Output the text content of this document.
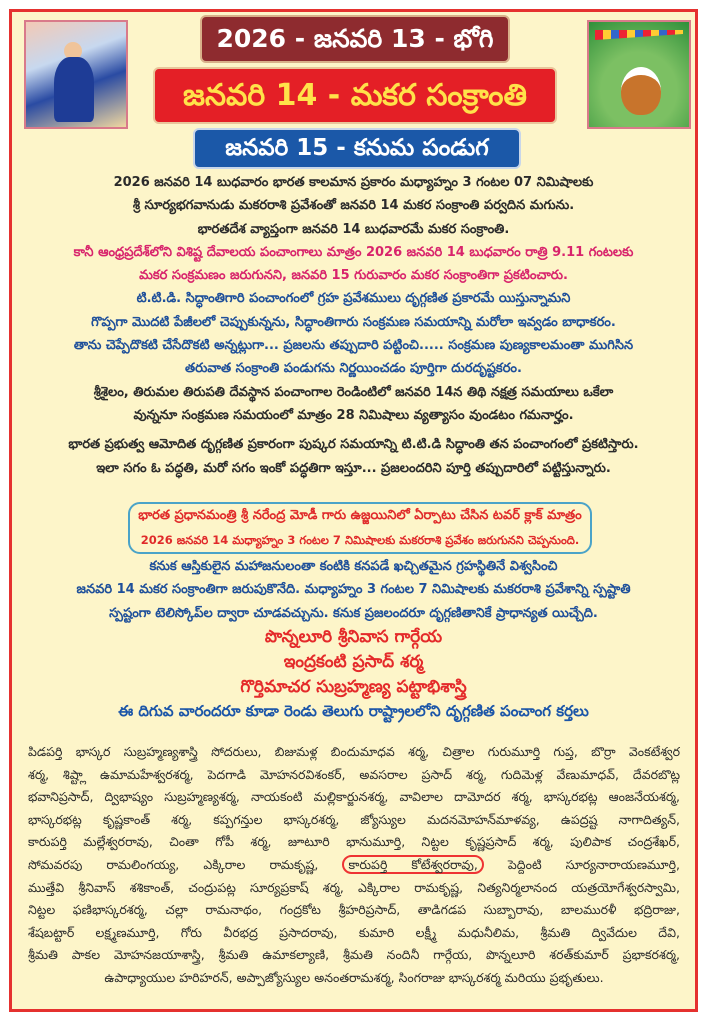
2026 - జనవరి 13 - భోగి
జనవరి 14 - మకర సంక్రాంతి
జనవరి 15 - కనుమ పండుగ
2026 జనవరి 14 బుధవారం భారత కాలమాన ప్రకారం మధ్యాహ్నం 3 గంటల 07 నిమిషాలకు
శ్రీ సూర్యభగవానుడు మకరరాశి ప్రవేశంతో జనవరి 14 మకర సంక్రాంతి పర్వదిన మగును.
భారతదేశ వ్యాప్తంగా జనవరి 14 బుధవారమే మకర సంక్రాంతి.
కానీ ఆంధ్రప్రదేశ్‌లోని విశిష్ట దేవాలయ పంచాంగాలు మాత్రం 2026 జనవరి 14 బుధవారం రాత్రి 9.11 గంటలకు
మకర సంక్రమణం జరుగునని, జనవరి 15 గురువారం మకర సంక్రాంతిగా ప్రకటించారు.
టి.టి.డి. సిద్ధాంతిగారి పంచాంగంలో గ్రహ ప్రవేశములు దృగ్గణిత ప్రకారమే యిస్తున్నామని
గొప్పగా మొదటి పేజీలలో చెప్పుకున్నను, సిద్ధాంతిగారు సంక్రమణ సమయాన్ని మరోలా ఇవ్వడం బాధాకరం.
తాను చెప్పేదొకటి చేసేదొకటి అన్నట్లుగా... ప్రజలను తప్పుదారి పట్టించి..... సంక్రమణ పుణ్యకాలమంతా ముగిసిన
తరువాత సంక్రాంతి పండుగను నిర్ణయించడం పూర్తిగా దురదృష్టకరం.
శ్రీశైలం, తిరుమల తిరుపతి దేవస్థాన పంచాంగాల రెండింటిలో జనవరి 14న తిథి నక్షత్ర సమయాలు ఒకేలా
వున్ననూ సంక్రమణ సమయంలో మాత్రం 28 నిమిషాలు వ్యత్యాసం వుండటం గమనార్హం.
భారత ప్రభుత్వ ఆమోదిత దృగ్గణిత ప్రకారంగా పుష్కర సమయాన్ని టి.టి.డి సిద్ధాంతి తన పంచాంగంలో ప్రకటిస్తారు.
ఇలా సగం ఓ పద్ధతి, మరో సగం ఇంకో పద్ధతిగా ఇస్తూ... ప్రజలందరిని పూర్తి తప్పుదారిలో పట్టిస్తున్నారు.
భారత ప్రధానమంత్రి శ్రీ నరేంద్ర మోడీ గారు ఉజ్జయినిలో ఏర్పాటు చేసిన టవర్ క్లాక్ మాత్రం
2026 జనవరి 14 మధ్యాహ్నం 3 గంటల 7 నిమిషాలకు మకరరాశి ప్రవేశం జరుగునని చెప్పనుంది.
కనుక ఆస్తికులైన మహాజనులంతా కంటికి కనపడే ఖచ్చితమైన గ్రహస్థితినే విశ్వసించి
జనవరి 14 మకర సంక్రాంతిగా జరుపుకొనేది. మధ్యాహ్నం 3 గంటల 7 నిమిషాలకు మకరరాశి ప్రవేశాన్ని స్పష్టాతి
స్పష్టంగా టెలిస్కోప్‌ల ద్వారా చూడవచ్చును. కనుక ప్రజలందరూ దృగ్గణితానికే ప్రాధాన్యత యిచ్చేది.
పొన్నలూరి శ్రీనివాస గార్గేయ
ఇంద్రకంటి ప్రసాద్ శర్మ
గొర్తిమాచర సుబ్రహ్మణ్య పట్టాభిశాస్త్రి
ఈ దిగువ వారందరూ కూడా రెండు తెలుగు రాష్ట్రాలలోని దృగ్గణిత పంచాంగ కర్తలు
పిడపర్తి భాస్కర సుబ్రహ్మణ్యశాస్త్రి సోదరులు, బిజుమళ్ల బిందుమాధవ శర్మ, చిత్రాల గురుమూర్తి గుప్త, బొర్రా వెంకటేశ్వర
శర్మ, శిష్ట్లా ఉమామహేశ్వరశర్మ, పెదగాడి మోహనరవిశంకర్, అవసరాల ప్రసాద్ శర్మ, గుదిమెళ్ల వేణుమాధవ్, దేవరబొట్ల
భవానిప్రసాద్, ద్విభాష్యం సుబ్రహ్మణ్యశర్మ, నాయకంటి మల్లికార్జునశర్మ, వావిలాల దామోదర శర్మ, భాస్కరభట్ల ఆంజనేయశర్మ,
భాస్కరభట్ల కృష్ణకాంత్ శర్మ, కప్పగన్తుల భాస్కరశర్మ, జ్యోస్యుల మదనమోహన్‌మాళవ్య, ఉపద్రష్ట నాగాదిత్యన్,
కారుపర్తి మల్లేశ్వరరావు, చింతా గోపీ శర్మ, జూటూరి భానుమూర్తి, నిట్టల కృష్ణప్రసాద్ శర్మ, పులిపాక చంద్రశేఖర్,
సోమవరపు రామలింగయ్య, ఎక్కిరాల రామకృష్ణ, కారుపర్తి కోటేశ్వరరావు, పెద్దింటి సూర్యనారాయణమూర్తి,
ముత్తేవి శ్రీనివాస్ శశికాంత్, చంద్రుపట్ల సూర్యప్రకాష్ శర్మ, ఎక్కిరాల రామకృష్ణ, నిత్యనిర్మలానంద యత్రయోగేశ్వరస్వామి,
నిట్టల ఫణిభాస్కరశర్మ, చల్లా రామనాథం, గంద్రకోట శ్రీహరిప్రసాద్, తాడిగడప సుబ్బారావు, బాలమురళీ భద్రిరాజు,
శేషబట్టార్ లక్ష్మణమూర్తి, గోరు వీరభద్ర ప్రసాదరావు, కుమారి లక్ష్మీ మధునీలిమ, శ్రీమతి ద్వివేదుల దేవి,
శ్రీమతి పాకల మోహనజయాశాస్త్రి, శ్రీమతి ఉమాకల్యాణి, శ్రీమతి నందినీ గార్గేయ, పొన్నలూరి శరత్‌కుమార్ ప్రభాకరశర్మ,
ఉపాధ్యాయుల హరిహరన్, అప్పాజ్యోస్యుల అనంతరామశర్మ, సింగరాజు భాస్కరశర్మ మరియు ప్రభృతులు.
